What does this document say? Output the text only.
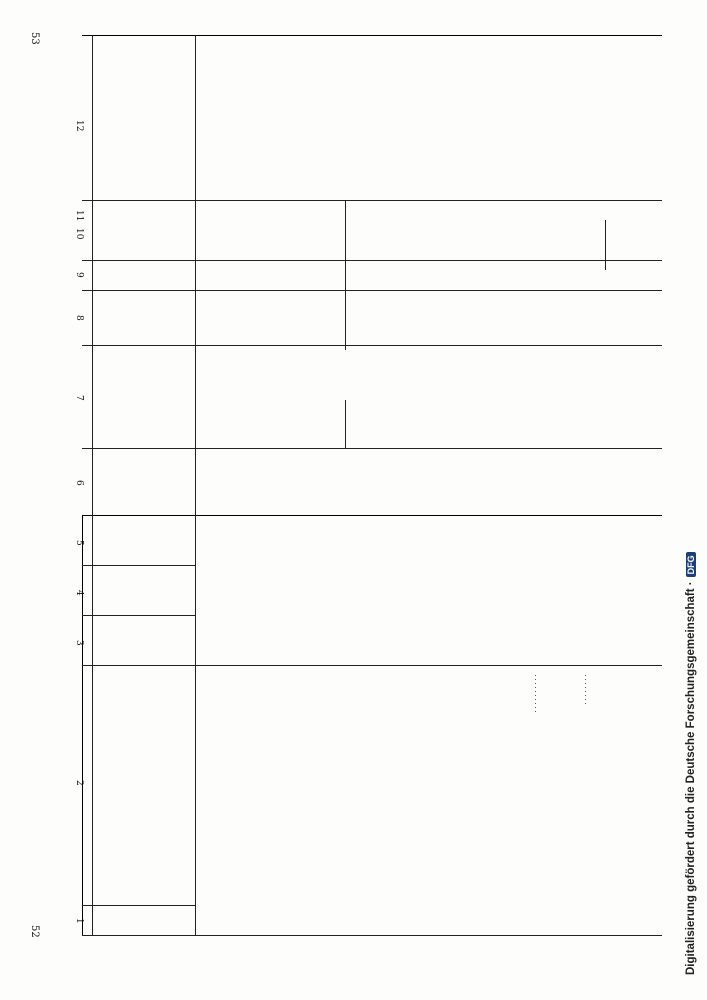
52
53
1
2
3
4
5
6
7
8
9
10
11
12
Digitalisierung gefördert durch die Deutsche Forschungsgemeinschaft ·DFG
